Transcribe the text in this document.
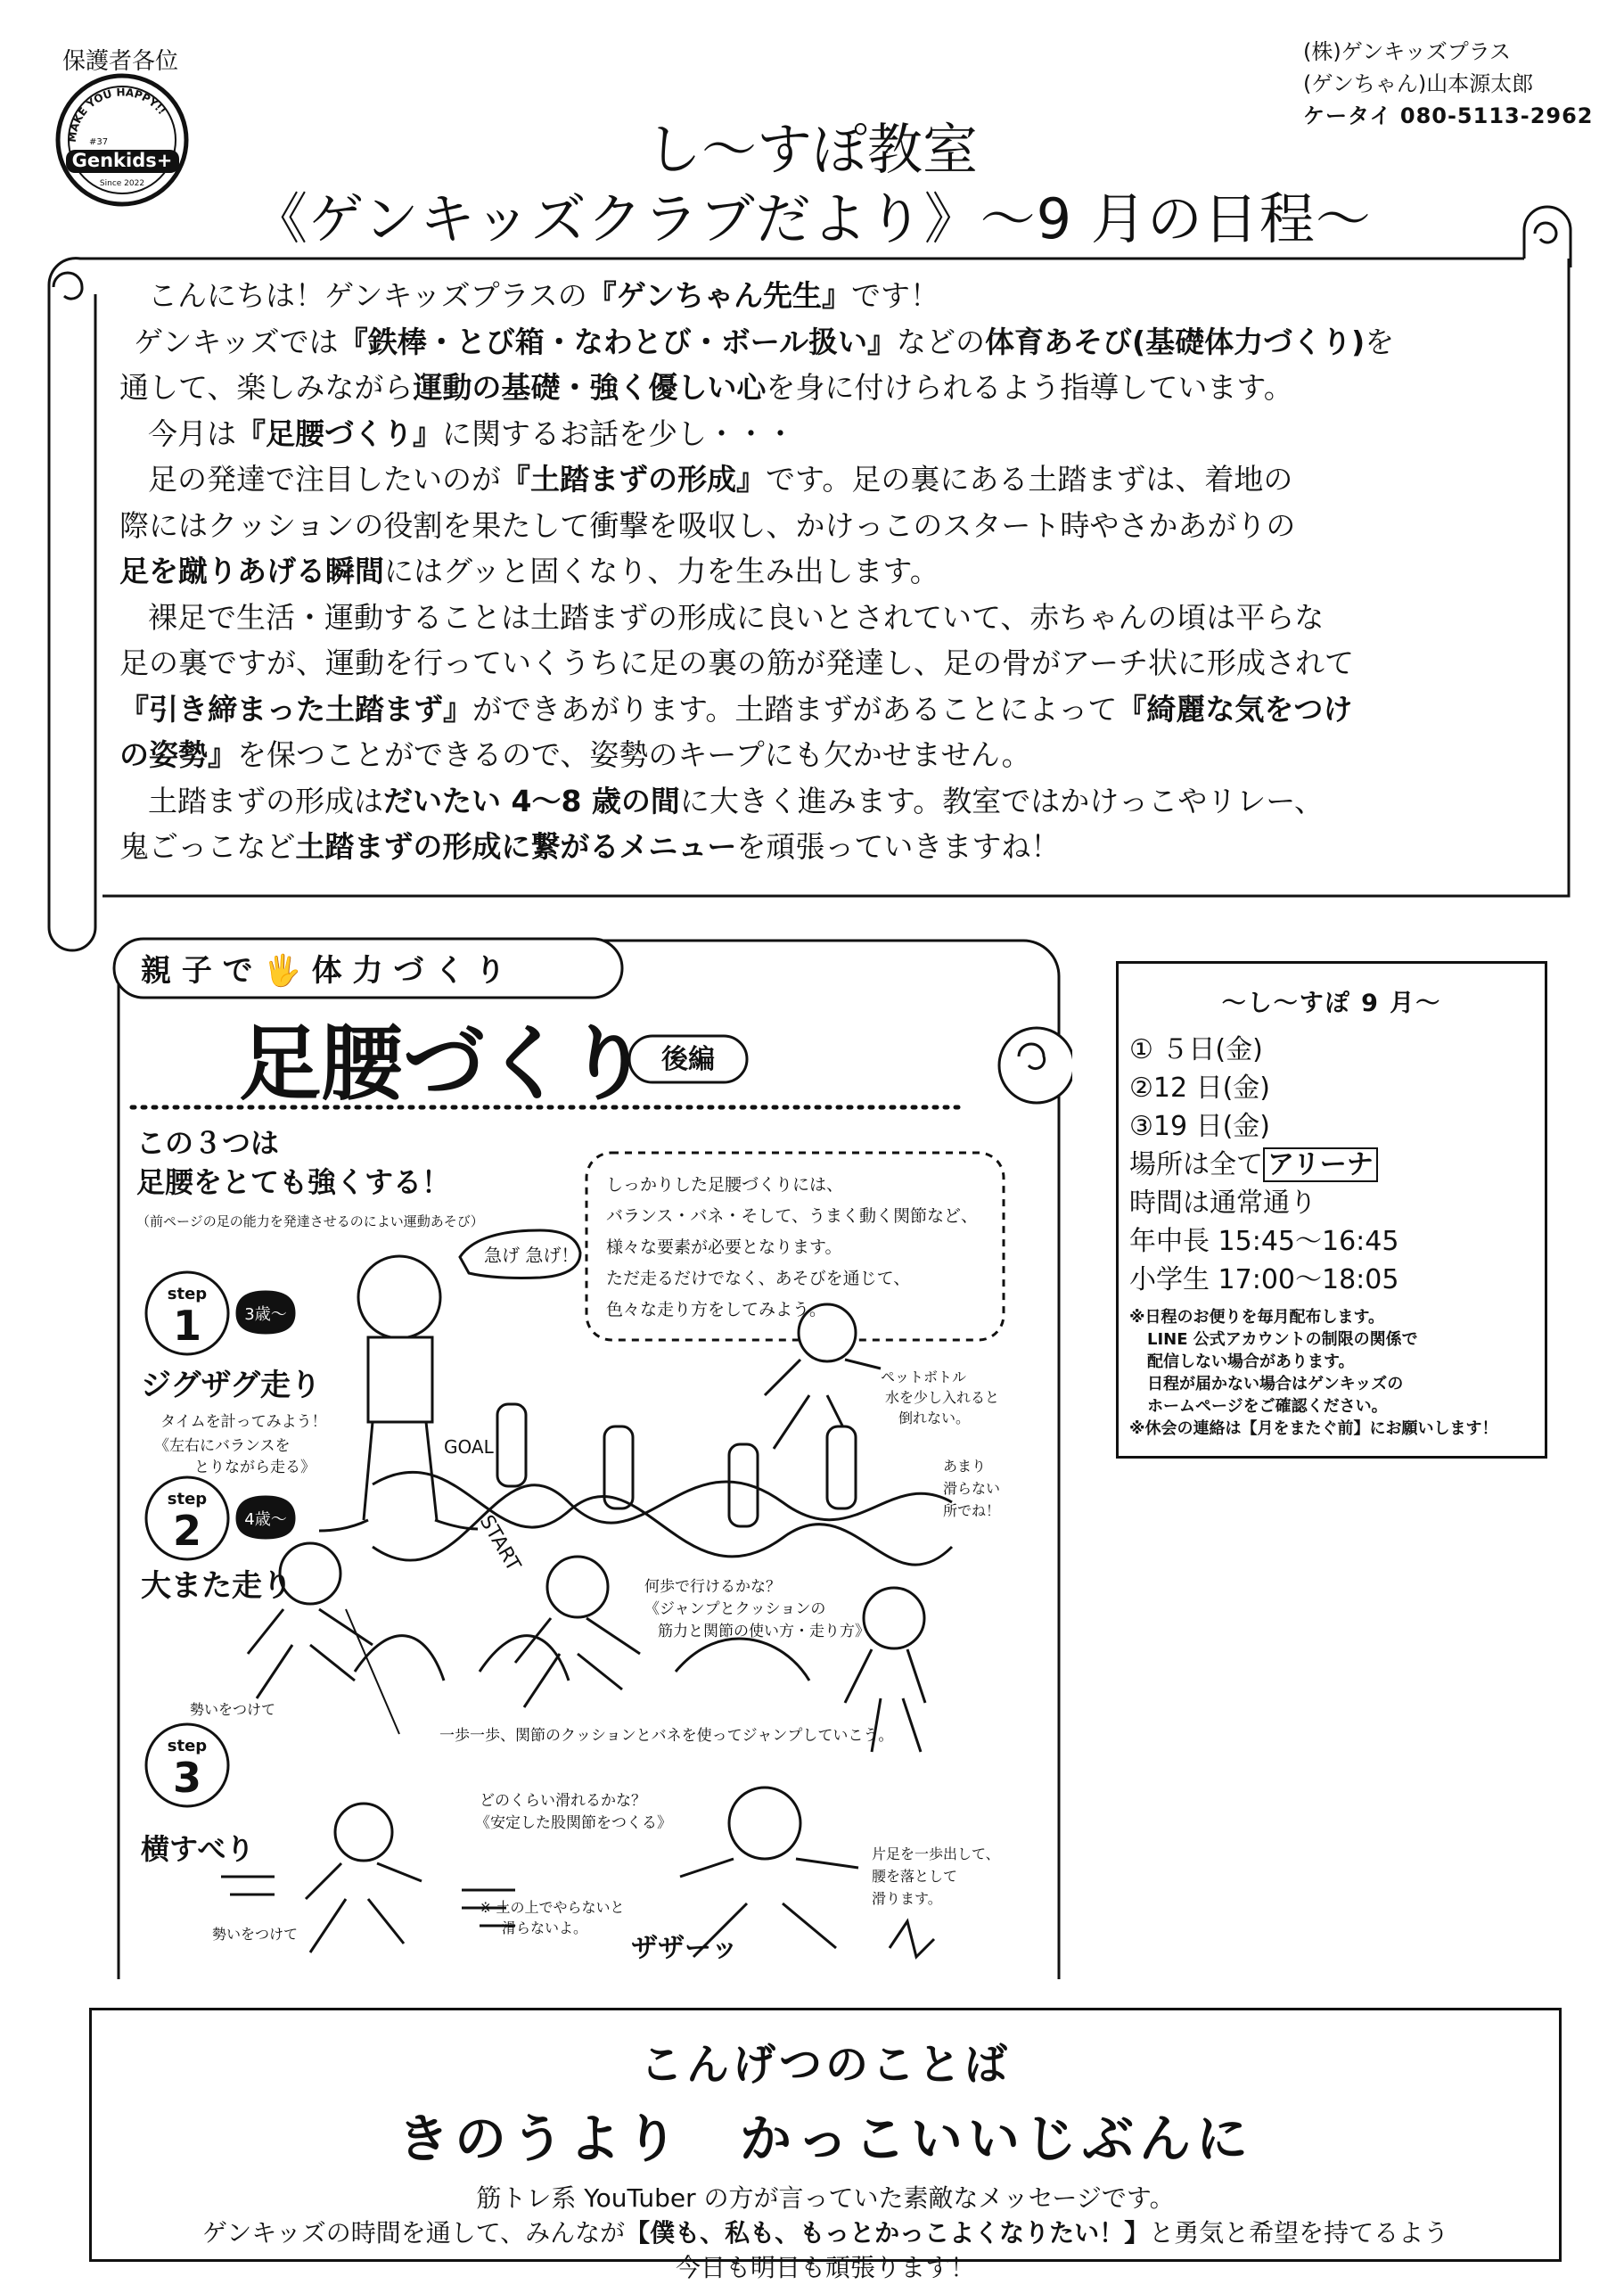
保護者各位
MAKE YOU HAPPY!!
#37
Genkids+
Since 2022
(株)ゲンキッズプラス
(ゲンちゃん)山本源太郎
ケータイ 080-5113-2962
し〜すぽ教室
《ゲンキッズクラブだより》〜9 月の日程〜

こんにちは！ゲンキッズプラスの『ゲンちゃん先生』です！

ゲンキッズでは『鉄棒・とび箱・なわとび・ボール扱い』などの体育あそび(基礎体力づくり)を

通して、楽しみながら運動の基礎・強く優しい心を身に付けられるよう指導しています。

今月は『足腰づくり』に関するお話を少し・・・

足の発達で注目したいのが『土踏まずの形成』です。足の裏にある土踏まずは、着地の

際にはクッションの役割を果たして衝撃を吸収し、かけっこのスタート時やさかあがりの

足を蹴りあげる瞬間にはグッと固くなり、力を生み出します。

裸足で生活・運動することは土踏まずの形成に良いとされていて、赤ちゃんの頃は平らな

足の裏ですが、運動を行っていくうちに足の裏の筋が発達し、足の骨がアーチ状に形成されて

『引き締まった土踏まず』ができあがります。土踏まずがあることによって『綺麗な気をつけ

の姿勢』を保つことができるので、姿勢のキープにも欠かせません。

土踏まずの形成はだいたい 4〜8 歳の間に大きく進みます。教室ではかけっこやリレー、

鬼ごっこなど土踏まずの形成に繋がるメニューを頑張っていきますね！

親 子 で 🖐 体 力 づ く り
足腰づくり 後編
この３つは
足腰をとても強くする！
（前ページの足の能力を発達させるのによい運動あそび）
しっかりした足腰づくりには、
バランス・バネ・そして、うまく動く関節など、
様々な要素が必要となります。
ただ走るだけでなく、あそびを通じて、
色々な走り方をしてみよう。
step
1	3歳〜
ジグザグ走り
タイムを計ってみよう！
《左右にバランスを
とりながら走る》
急げ 急げ！
GOAL!
START
ペットボトル
水を少し入れると
倒れない。
あまり
滑らない
所でね！
step
2	4歳〜
大また走り	何歩で行けるかな？
《ジャンプとクッションの
筋力と関節の使い方・走り方》
勢いをつけて
一歩一歩、関節のクッションとバネを使ってジャンプしていこう。
step
3
横すべり
どのくらい滑れるかな？
《安定した股関節をつくる》
勢いをつけて
※ 土の上でやらないと
滑らないよ。
ザザーッ
片足を一歩出して、
腰を落として
滑ります。
〜し〜すぽ 9 月〜
① ５日(金)
②12 日(金)
③19 日(金)
場所は全て アリーナ
時間は通常通り
年中長 15:45〜16:45
小学生 17:00〜18:05
※日程のお便りを毎月配布します。
LINE 公式アカウントの制限の関係で
配信しない場合があります。
日程が届かない場合はゲンキッズの
ホームページをご確認ください。
※休会の連絡は【月をまたぐ前】にお願いします！
こんげつのことば
きのうより　かっこいいじぶんに
筋トレ系 YouTuber の方が言っていた素敵なメッセージです。
ゲンキッズの時間を通して、みんなが【僕も、私も、もっとかっこよくなりたい！】と勇気と希望を持てるよう
今日も明日も頑張ります！
